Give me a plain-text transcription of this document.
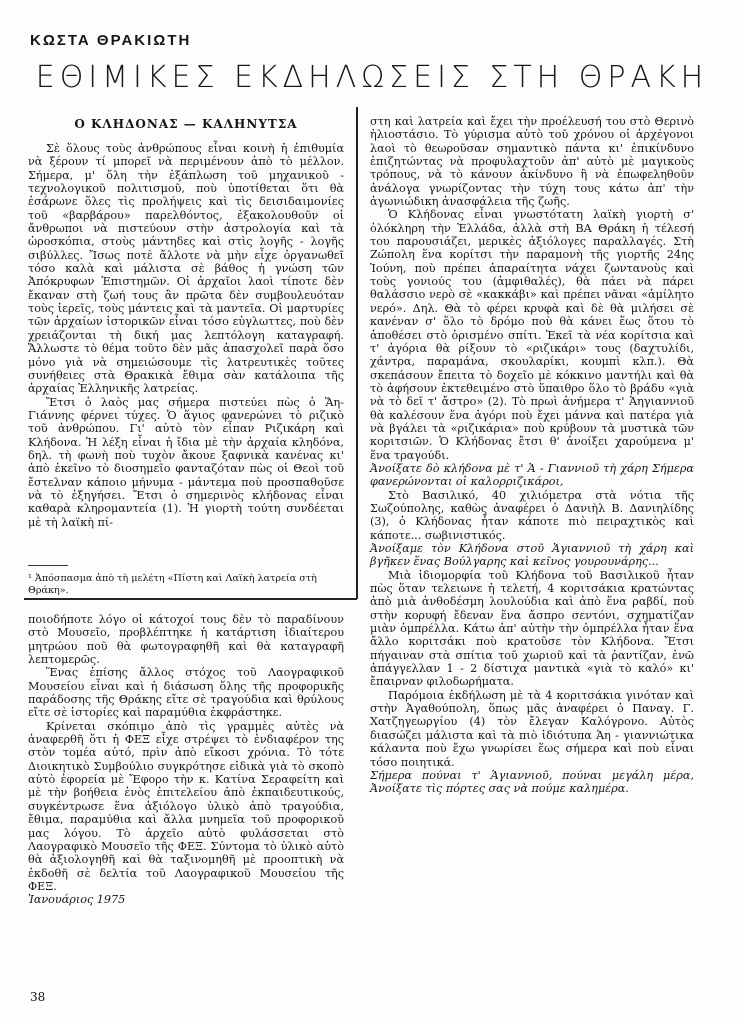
ΚΩΣΤΑ ΘΡΑΚΙΩΤΗ
ΕΘΙΜΙΚΕΣ ΕΚΔΗΛΩΣΕΙΣ ΣΤΗ ΘΡΑΚΗ
Ο ΚΛΗΔΟΝΑΣ — ΚΑΛΗΝΥΤΣΑ

Σὲ ὅλους τοὺς ἀνθρώπους εἶναι κοινὴ ἡ ἐπιθυμία νὰ ξέρουν τί μπορεῖ νὰ περιμένουν ἀπὸ τὸ μέλλον. Σήμερα, μ' ὅλη τὴν ἐξάπλωση τοῦ μηχανικοῦ - τεχνολογικοῦ πολιτισμοῦ, ποὺ ὑποτίθεται ὅτι θὰ ἐσάρωνε ὅλες τὶς προλήψεις καὶ τὶς δεισιδαιμονίες τοῦ «βαρβάρου» παρελθόντος, ἐξακολουθοῦν οἱ ἄνθρωποι νὰ πιστεύουν στὴν ἀστρολογία καὶ τὰ ὡροσκόπια, στοὺς μάντηδες καὶ στὶς λογῆς - λογῆς σιβύλλες. Ἴσως ποτὲ ἄλλοτε νὰ μὴν εἶχε ὀργανωθεῖ τόσο καλὰ καὶ μάλιστα σὲ βάθος ἡ γνώση τῶν Ἀπόκρυφων Ἐπιστημῶν. Οἱ ἀρχαῖοι λαοὶ τίποτε δὲν ἔκαναν στὴ ζωή τους ἂν πρῶτα δὲν συμβουλευόταν τοὺς ἱερεῖς, τοὺς μάντεις καὶ τὰ μαντεῖα. Οἱ μαρτυρίες τῶν ἀρχαίων ἱστορικῶν εἶναι τόσο εὐγλωττες, ποὺ δὲν χρειάζονται τὴ δική μας λεπτόλογη καταγραφή. Ἄλλωστε τὸ θέμα τοῦτο δὲν μᾶς ἀπασχολεῖ παρὰ ὅσο μόνο γιὰ νὰ σημειώσουμε τὶς λατρευτικὲς τοῦτες συνήθειες στὰ Θρακικὰ ἔθιμα σὰν κατάλοιπα τῆς ἀρχαίας Ἑλληνικῆς λατρείας.

Ἔτσι ὁ λαὸς μας σήμερα πιστεύει πὼς ὁ Ἅη-Γιάννης φέρνει τύχες. Ὁ ἅγιος φανερώνει τὸ ριζικὸ τοῦ ἀνθρώπου. Γι' αὐτὸ τὸν εἶπαν Ριζικάρη καὶ Κλήδονα. Ἡ λέξη εἶναι ἡ ἴδια μὲ τὴν ἀρχαία κληδόνα, δηλ. τὴ φωνὴ ποὺ τυχὸν ἄκουε ξαφνικὰ κανένας κι' ἀπὸ ἐκεῖνο τὸ διοσημεῖο φανταζόταν πὼς οἱ Θεοὶ τοῦ ἔστελναν κάποιο μήνυμα - μάντεμα ποὺ προσπαθοῦσε νὰ τὸ ἐξηγήσει. Ἔτσι ὁ σημερινὸς κλήδονας εἶναι καθαρὰ κληρομαντεία (1). Ἡ γιορτὴ τούτη συνδέεται μὲ τὴ λαϊκὴ πί-

¹ Ἀπόσπασμα ἀπὸ τὴ μελέτη «Πίστη καὶ Λαϊκὴ λατρεία στὴ Θράκη».

ποιοδήποτε λόγο οἱ κάτοχοί τους δὲν τὸ παραδίνουν στὸ Μουσεῖο, προβλέπτηκε ἡ κατάρτιση ἰδιαίτερου μητρώου ποῦ θὰ φωτογραφηθῆ καὶ θὰ καταγραφῆ λεπτομερῶς.

Ἕνας ἐπίσης ἄλλος στόχος τοῦ Λαογραφικοῦ Μουσείου εἶναι καὶ ἡ διάσωση ὅλης τῆς προφορικῆς παράδοσης τῆς Θράκης εἴτε σὲ τραγούδια καὶ θρύλους εἴτε σὲ ἱστορίες καὶ παραμύθια ἐκφράστηκε.

Κρίνεται σκόπιμο ἀπὸ τὶς γραμμὲς αὐτὲς νὰ ἀναφερθῆ ὅτι ἡ ΦΕΞ εἶχε στρέψει τὸ ἐνδιαφέρον της στὸν τομέα αὐτό, πρὶν ἀπὸ εἴκοσι χρόνια. Τὸ τότε Διοικητικὸ Συμβούλιο συγκρότησε εἰδικὰ γιὰ τὸ σκοπὸ αὐτὸ ἐφορεία μὲ Ἔφορο τὴν κ. Κατίνα Σεραφείτη καὶ μὲ τὴν βοήθεια ἑνὸς ἐπιτελείου ἀπὸ ἐκπαιδευτικούς, συγκέντρωσε ἕνα ἀξιόλογο ὑλικὸ ἀπὸ τραγούδια, ἔθιμα, παραμύθια καὶ ἄλλα μνημεῖα τοῦ προφορικοῦ μας λόγου. Τὸ ἀρχεῖο αὐτὸ φυλάσσεται στὸ Λαογραφικὸ Μουσεῖο τῆς ΦΕΞ. Σύντομα τὸ ὑλικὸ αὐτὸ θὰ ἀξιολογηθῆ καὶ θὰ ταξινομηθῆ μὲ προοπτικὴ νὰ ἐκδοθῆ σὲ δελτία τοῦ Λαογραφικοῦ Μουσείου τῆς ΦΕΞ.

Ἰανουάριος 1975

στη καὶ λατρεία καὶ ἔχει τὴν προέλευσή του στὸ Θερινὸ ἡλιοστάσιο. Τὸ γύρισμα αὐτὸ τοῦ χρόνου οἱ ἀρχέγονοι λαοὶ τὸ θεωροῦσαν σημαντικὸ πάντα κι' ἐπικίνδυνο ἐπιζητώντας νὰ προφυλαχτοῦν ἀπ' αὐτὸ μὲ μαγικοὺς τρόπους, νὰ τὸ κάνουν ἀκίνδυνο ἢ νὰ ἐπωφεληθοῦν ἀνάλογα γνωρίζοντας τὴν τύχη τους κάτω ἀπ' τὴν ἀγωνιώδικη ἀνασφάλεια τῆς ζωῆς.

Ὁ Κλήδονας εἶναι γνωστότατη λαϊκὴ γιορτὴ σ' ὁλόκληρη τὴν Ἑλλάδα, ἀλλὰ στὴ ΒΑ Θράκη ἡ τέλεσή του παρουσιάζει, μερικὲς ἀξιόλογες παραλλαγές. Στὴ Ζώπολη ἕνα κορίτσι τὴν παραμονὴ τῆς γιορτῆς 24ης Ἰούνη, ποὺ πρέπει ἀπαραίτητα νάχει ζωντανοὺς καὶ τοὺς γονιούς του (ἀμφιθαλές), θὰ πάει νὰ πάρει θαλάσσιο νερὸ σὲ «κακκάβι» καὶ πρέπει νᾶναι «ἀμίλητο νερό». Δηλ. Θὰ τὸ φέρει κρυφὰ καὶ δὲ θὰ μιλήσει σὲ κανέναν σ' ὅλο τὸ δρόμο ποὺ θὰ κάνει ἕως ὅτου τὸ ἀποθέσει στὸ ὁρισμένο σπίτι. Ἐκεῖ τὰ νέα κορίτσια καὶ τ' ἀγόρια θὰ ρίξουν τὸ «ριζικάρι» τους (δαχτυλίδι, χάντρα, παραμάνα, σκουλαρίκι, κουμπὶ κλπ.). Θὰ σκεπάσουν ἔπειτα τὸ δοχεῖο μὲ κόκκινο μαντήλι καὶ θὰ τὸ ἀφήσουν ἐκτεθειμένο στὸ ὕπαιθρο ὅλο τὸ βράδυ «γιὰ νὰ τὸ δεῖ τ' ἄστρο» (2). Τὸ πρωὶ ἀνήμερα τ' Ἁηγιαννιοῦ θὰ καλέσουν ἕνα ἀγόρι ποὺ ἔχει μάννα καὶ πατέρα γιὰ νὰ βγάλει τὰ «ριζικάρια» ποὺ κρύβουν τὰ μυστικὰ τῶν κοριτσιῶν. Ὁ Κλήδονας ἔτσι θ' ἀνοίξει χαρούμενα μ' ἕνα τραγούδι.

Ἀνοίξατε δὸ κλήδονα μὲ τ' Ἁ - Γιαννιοῦ τὴ χάρη Σήμερα φανερώνονται οἱ καλορριζικάροι,

Στὸ Βασιλικό, 40 χιλιόμετρα στὰ νότια τῆς Σωζούπολης, καθὼς ἀναφέρει ὁ Δανιὴλ Β. Δανιηλίδης (3), ὁ Κλήδονας ἦταν κάποτε πιὸ πειραχτικὸς καὶ κάποτε... σωβινιστικός.

Ἀνοίξαμε τὸν Κλήδονα στοῦ Ἁγιαννιοῦ τὴ χάρη καὶ βγῆκεν ἕνας Βούλγαρης καὶ κεῖνος γουρουνάρης...

Μιὰ ἰδιομορφία τοῦ Κλήδονα τοῦ Βασιλικοῦ ἦταν πὼς ὅταν τελειωνε ἡ τελετή, 4 κοριτσάκια κρατώντας ἀπὸ μιὰ ἀνθοδέσμη λουλούδια καὶ ἀπὸ ἕνα ραβδί, ποὺ στὴν κορυφή ἔδεναν ἕνα ἄσπρο σεντόνι, σχηματίζαν μιὰν ὀμπρέλλα. Κάτω ἀπ' αὐτὴν τὴν ὀμπρέλλα ἦταν ἕνα ἄλλο κοριτσάκι ποὺ κρατοῦσε τὸν Κλήδονα. Ἔτσι πήγαιναν στὰ σπίτια τοῦ χωριοῦ καὶ τὰ ῥαντίζαν, ἐνῶ ἀπάγγελλαν 1 - 2 δίστιχα μαντικὰ «γιὰ τὸ καλό» κι' ἔπαιρναν φιλοδωρήματα.

Παρόμοια ἐκδήλωση μὲ τὰ 4 κοριτσάκια γινόταν καὶ στὴν Ἀγαθούπολη, ὅπως μᾶς ἀναφέρει ὁ Παναγ. Γ. Χατζηγεωργίου (4) τὸν ἔλεγαν Καλόγρονο. Αὐτὸς διασώζει μάλιστα καὶ τὰ πιὸ ἰδιότυπα Ἁη - γιαννιώτικα κάλαντα ποὺ ἔχω γνωρίσει ἕως σήμερα καὶ ποὺ εἶναι τόσο ποιητικά.

Σήμερα πούναι τ' Ἁγιαννιοῦ, πούναι μεγάλη μέρα, Ἀνοίξατε τὶς πόρτες σας νὰ πούμε καλημέρα.

38
